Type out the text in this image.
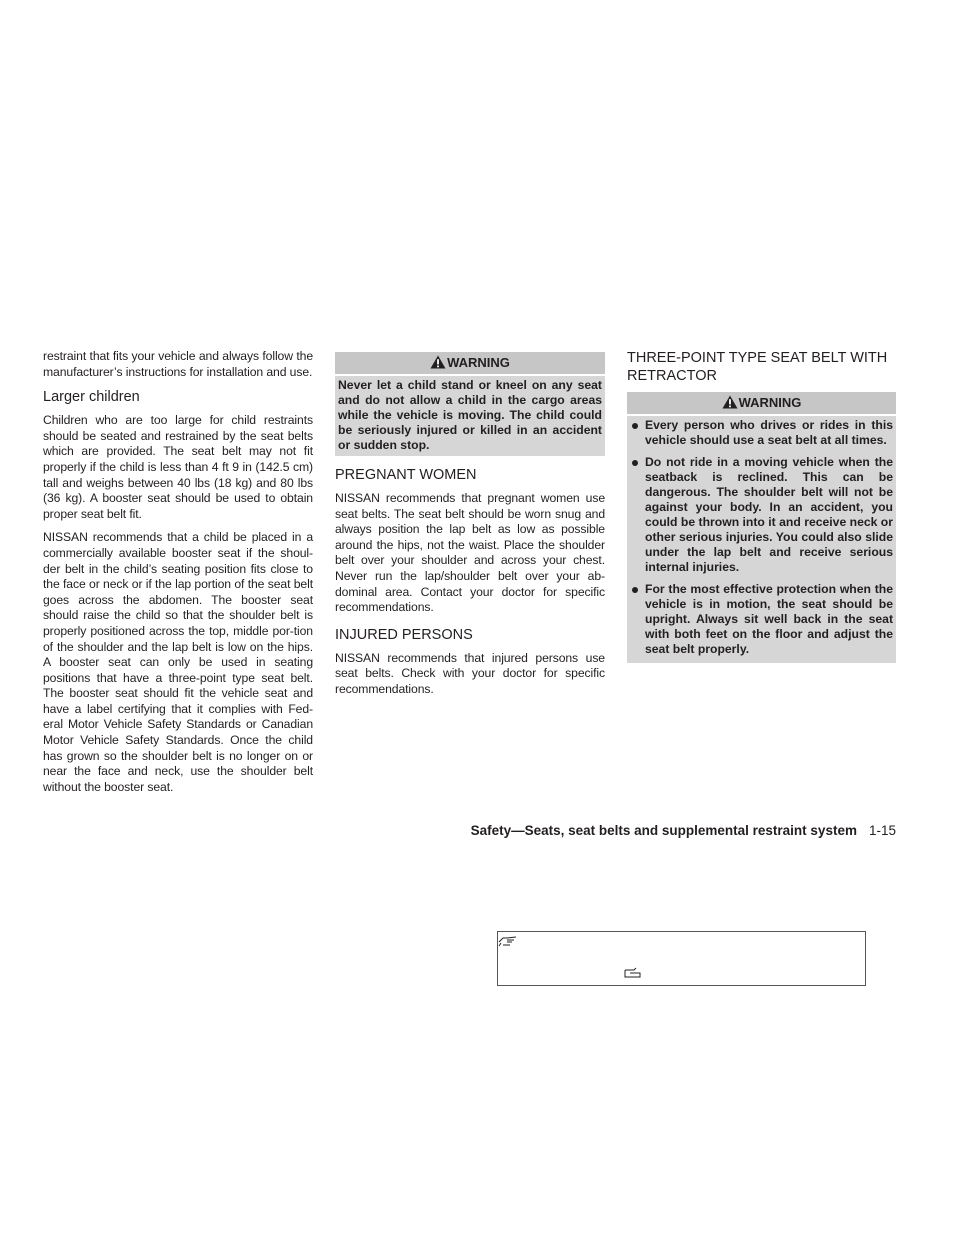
restraint that fits your vehicle and always follow the manufacturer’s instructions for installation and use.

Larger children

Children who are too large for child restraints should be seated and restrained by the seat belts which are provided. The seat belt may not fit properly if the child is less than 4 ft 9 in (142.5 cm) tall and weighs between 40 lbs (18 kg) and 80 lbs (36 kg). A booster seat should be used to obtain proper seat belt fit.

NISSAN recommends that a child be placed in a commercially available booster seat if the shoul-der belt in the child’s seating position fits close to the face or neck or if the lap portion of the seat belt goes across the abdomen. The booster seat should raise the child so that the shoulder belt is properly positioned across the top, middle por-tion of the shoulder and the lap belt is low on the hips. A booster seat can only be used in seating positions that have a three-point type seat belt. The booster seat should fit the vehicle seat and have a label certifying that it complies with Fed-eral Motor Vehicle Safety Standards or Canadian Motor Vehicle Safety Standards. Once the child has grown so the shoulder belt is no longer on or near the face and neck, use the shoulder belt without the booster seat.

WARNING
Never let a child stand or kneel on any seat and do not allow a child in the cargo areas while the vehicle is moving. The child could be seriously injured or killed in an accident or sudden stop.
PREGNANT WOMEN

NISSAN recommends that pregnant women use seat belts. The seat belt should be worn snug and always position the lap belt as low as possible around the hips, not the waist. Place the shoulder belt over your shoulder and across your chest. Never run the lap/shoulder belt over your ab-dominal area. Contact your doctor for specific recommendations.

INJURED PERSONS

NISSAN recommends that injured persons use seat belts. Check with your doctor for specific recommendations.

THREE-POINT TYPE SEAT BELT WITH RETRACTOR
WARNING
Every person who drives or rides in this vehicle should use a seat belt at all times.
Do not ride in a moving vehicle when the seatback is reclined. This can be dangerous. The shoulder belt will not be against your body. In an accident, you could be thrown into it and receive neck or other serious injuries. You could also slide under the lap belt and receive serious internal injuries.
For the most effective protection when the vehicle is in motion, the seat should be upright. Always sit well back in the seat with both feet on the floor and adjust the seat belt properly.
Safety—Seats, seat belts and supplemental restraint system 1-15
